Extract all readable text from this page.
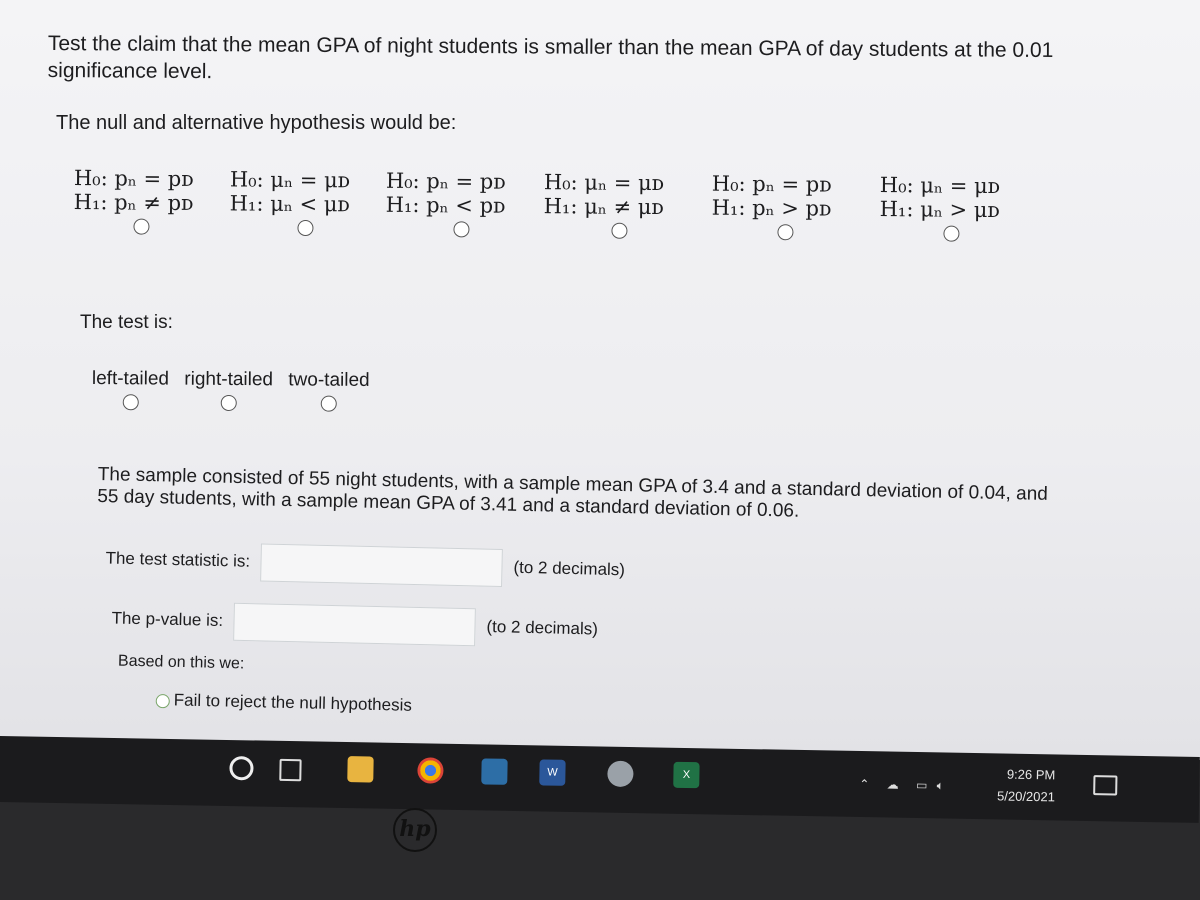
Test the claim that the mean GPA of night students is smaller than the mean GPA of day students at the 0.01 significance level.
The null and alternative hypothesis would be:
H₀: pₙ = pᴅ
H₁: pₙ ≠ pᴅ
H₀: μₙ = μᴅ
H₁: μₙ < μᴅ
H₀: pₙ = pᴅ
H₁: pₙ < pᴅ
H₀: μₙ = μᴅ
H₁: μₙ ≠ μᴅ
H₀: pₙ = pᴅ
H₁: pₙ > pᴅ
H₀: μₙ = μᴅ
H₁: μₙ > μᴅ
The test is:
left-tailed
right-tailed
two-tailed
The sample consisted of 55 night students, with a sample mean GPA of 3.4 and a standard deviation of 0.04, and 55 day students, with a sample mean GPA of 3.41 and a standard deviation of 0.06.
The test statistic is:	(to 2 decimals)
The p-value is:	(to 2 decimals)
Based on this we:
Fail to reject the null hypothesis
W	X
⌃ ☁ ▭ 🔈︎
9:26 PM
5/20/2021
hp
